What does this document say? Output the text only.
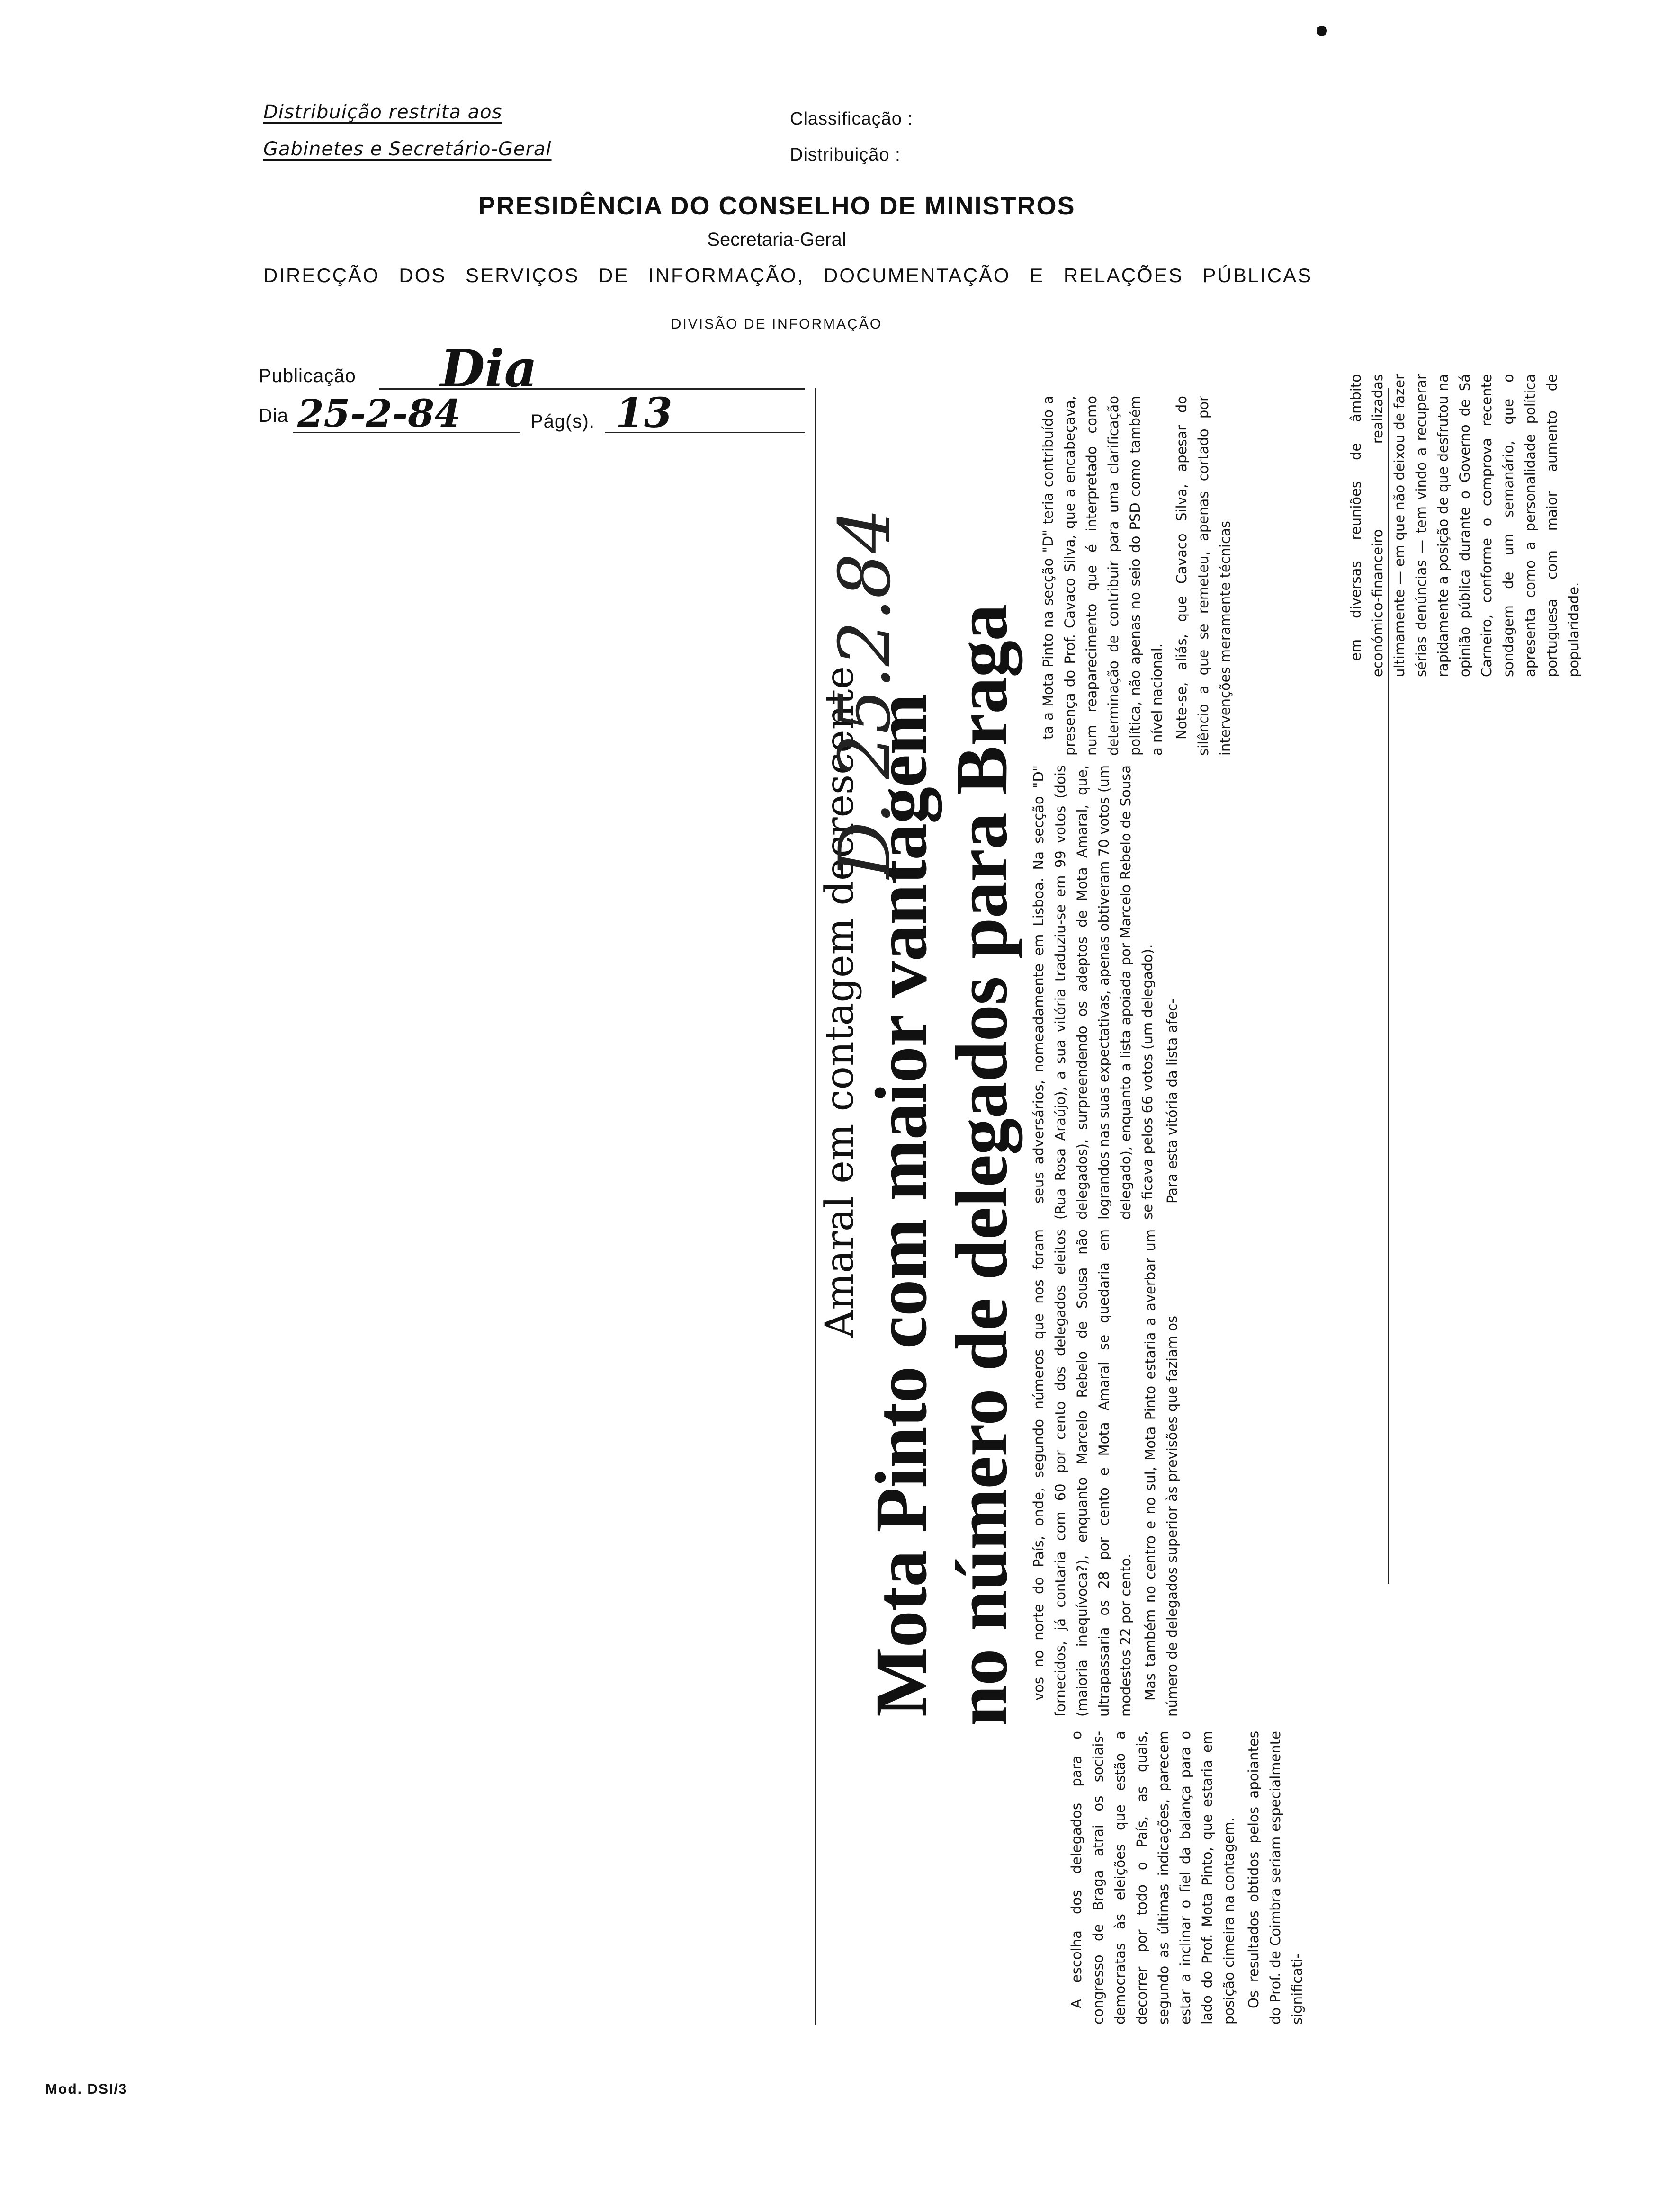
Distribuição restrita aos
Gabinetes e Secretário-Geral
Classificação :
Distribuição :
PRESIDÊNCIA DO CONSELHO DE MINISTROS
Secretaria-Geral
DIRECÇÃO DOS SERVIÇOS DE INFORMAÇÃO, DOCUMENTAÇÃO E RELAÇÕES PÚBLICAS
DIVISÃO DE INFORMAÇÃO
Publicação Dia
Dia 25-2-84	Pág(s). 13

A escolha dos delegados para o congresso de Braga atrai os sociais-democratas às eleições que estão a decorrer por todo o País, as quais, segundo as últimas indicações, parecem estar a inclinar o fiel da balança para o lado do Prof. Mota Pinto, que estaria em posição cimeira na contagem. Os resultados obtidos pelos apoiantes do Prof. de Coimbra seriam especialmente significati-

Amaral em contagem decrescente
Mota Pinto com maior vantagem
no número de delegados para Braga
D. 25.2.84

vos no norte do País, onde, segundo números que nos foram fornecidos, já contaria com 60 por cento dos delegados eleitos (maioria inequívoca?), enquanto Marcelo Rebelo de Sousa não ultrapassaria os 28 por cento e Mota Amaral se quedaria em modestos 22 por cento. Mas também no centro e no sul, Mota Pinto estaria a averbar um número de delegados superior às previsões que faziam os

seus adversários, nomeadamente em Lisboa. Na secção "D" (Rua Rosa Araújo), a sua vitória traduziu-se em 99 votos (dois delegados), surpreendendo os adeptos de Mota Amaral, que, lograndos nas suas expectativas, apenas obtiveram 70 votos (um delegado), enquanto a lista apoiada por Marcelo Rebelo de Sousa se ficava pelos 66 votos (um delegado). Para esta vitória da lista afec-

ta a Mota Pinto na secção "D" teria contribuído a presença do Prof. Cavaco Silva, que a encabeçava, num reaparecimento que é interpretado como determinação de contribuir para uma clarificação política, não apenas no seio do PSD como também a nível nacional. Note-se, aliás, que Cavaco Silva, apesar do silêncio a que se remeteu, apenas cortado por intervenções meramente técnicas	em diversas reuniões de âmbito económico-financeiro realizadas ultimamente — em que não deixou de fazer sérias denúncias — tem vindo a recuperar rapidamente a posição de que desfrutou na opinião pública durante o Governo de Sá Carneiro, conforme o comprova recente sondagem de um semanário, que o apresenta como a personalidade política portuguesa com maior aumento de popularidade.

Mod. DSI/3
